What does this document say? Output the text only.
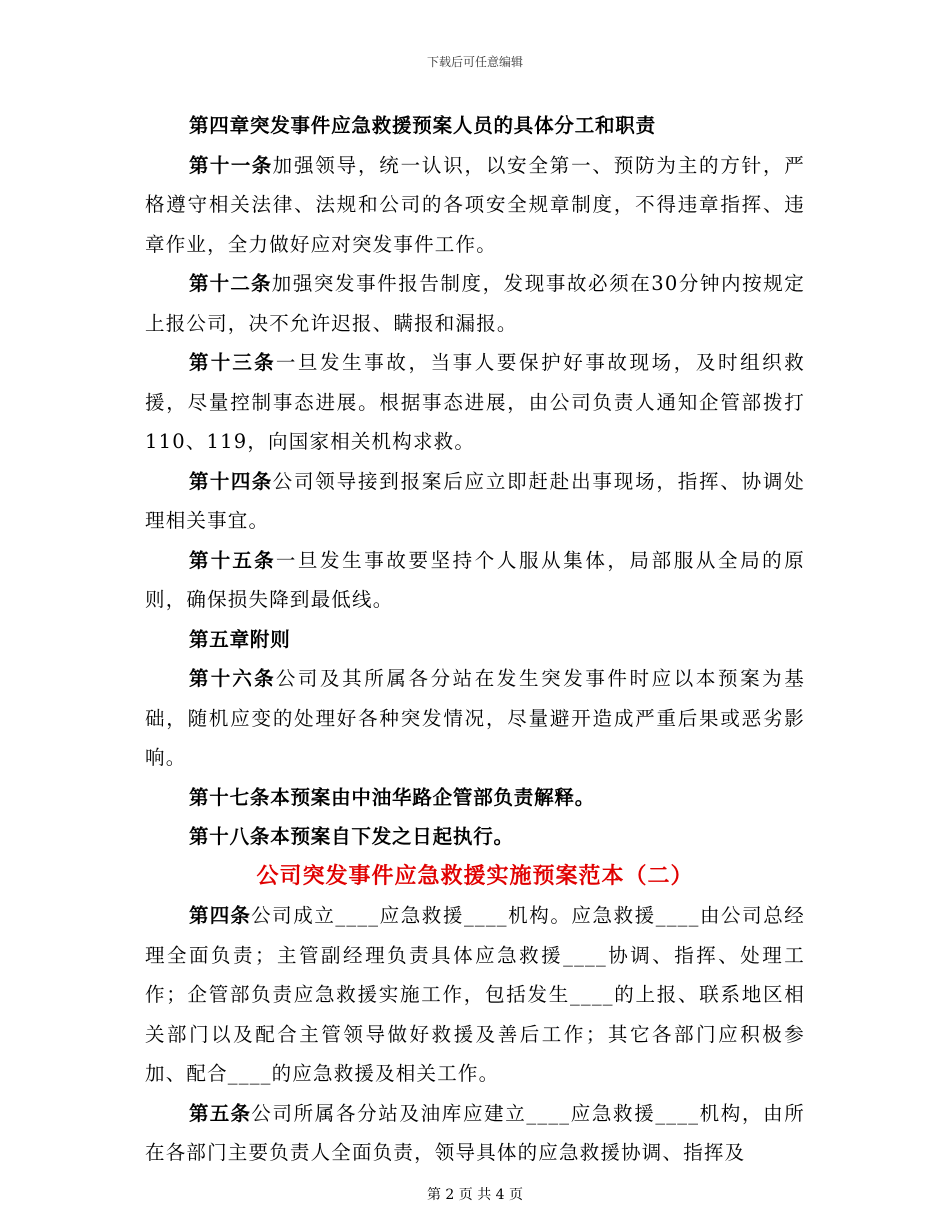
下载后可任意编辑

第四章突发事件应急救援预案人员的具体分工和职责

第十一条加强领导，统一认识，以安全第一、预防为主的方针，严格遵守相关法律、法规和公司的各项安全规章制度，不得违章指挥、违章作业，全力做好应对突发事件工作。

第十二条加强突发事件报告制度，发现事故必须在30分钟内按规定上报公司，决不允许迟报、瞒报和漏报。

第十三条一旦发生事故，当事人要保护好事故现场，及时组织救援，尽量控制事态进展。根据事态进展，由公司负责人通知企管部拨打110、119，向国家相关机构求救。

第十四条公司领导接到报案后应立即赶赴出事现场，指挥、协调处理相关事宜。

第十五条一旦发生事故要坚持个人服从集体，局部服从全局的原则，确保损失降到最低线。

第五章附则

第十六条公司及其所属各分站在发生突发事件时应以本预案为基础，随机应变的处理好各种突发情况，尽量避开造成严重后果或恶劣影响。

第十七条本预案由中油华路企管部负责解释。

第十八条本预案自下发之日起执行。

公司突发事件应急救援实施预案范本（二）

第四条公司成立____应急救援____机构。应急救援____由公司总经理全面负责；主管副经理负责具体应急救援____协调、指挥、处理工作；企管部负责应急救援实施工作，包括发生____的上报、联系地区相关部门以及配合主管领导做好救援及善后工作；其它各部门应积极参加、配合____的应急救援及相关工作。

第五条公司所属各分站及油库应建立____应急救援____机构，由所在各部门主要负责人全面负责，领导具体的应急救援协调、指挥及

第 2 页 共 4 页
